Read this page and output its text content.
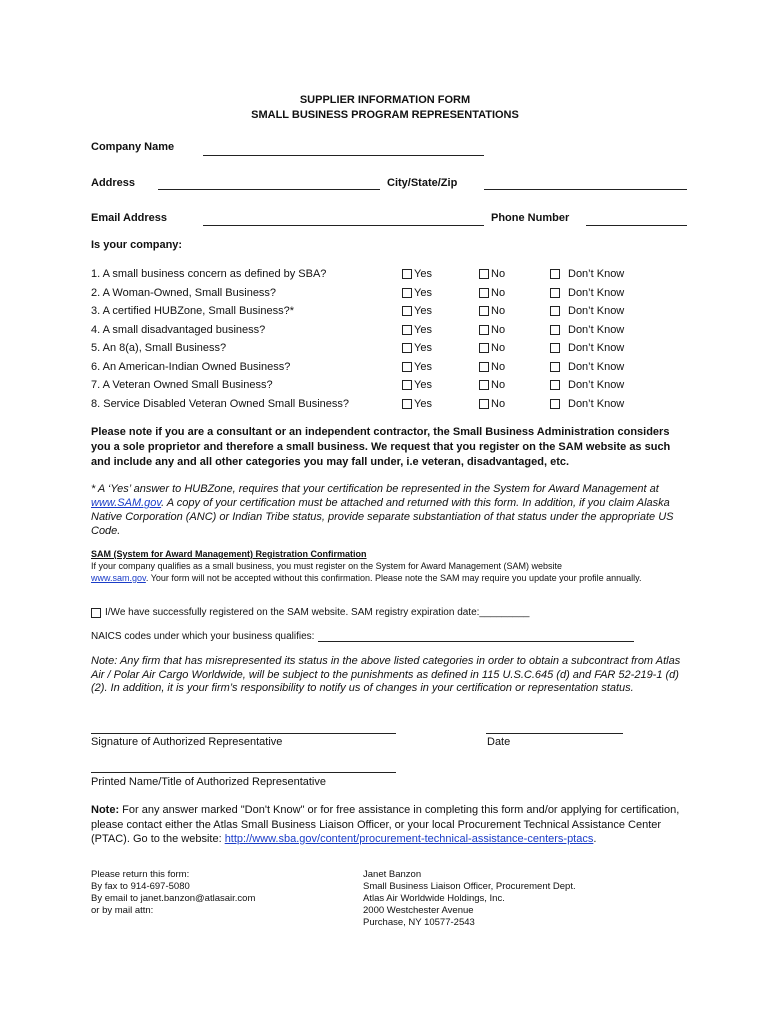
SUPPLIER INFORMATION FORM
SMALL BUSINESS PROGRAM REPRESENTATIONS
Company Name
Address	City/State/Zip
Email Address	Phone Number
Is your company:
1. A small business concern as defined by SBA?	Yes	No	Don’t Know
2. A Woman-Owned, Small Business?	Yes	No	Don’t Know
3. A certified HUBZone, Small Business?*	Yes	No	Don’t Know
4. A small disadvantaged business?	Yes	No	Don’t Know
5. An 8(a), Small Business?	Yes	No	Don’t Know
6. An American-Indian Owned Business?	Yes	No	Don’t Know
7. A Veteran Owned Small Business?	Yes	No	Don’t Know
8. Service Disabled Veteran Owned Small Business?	Yes	No	Don’t Know
Please note if you are a consultant or an independent contractor, the Small Business Administration considers you a sole proprietor and therefore a small business. We request that you register on the SAM website as such and include any and all other categories you may fall under, i.e veteran, disadvantaged, etc.
* A ‘Yes’ answer to HUBZone, requires that your certification be represented in the System for Award Management at www.SAM.gov. A copy of your certification must be attached and returned with this form. In addition, if you claim Alaska Native Corporation (ANC) or Indian Tribe status, provide separate substantiation of that status under the appropriate US Code.
SAM (System for Award Management) Registration Confirmation
If your company qualifies as a small business, you must register on the System for Award Management (SAM) website
www.sam.gov. Your form will not be accepted without this confirmation. Please note the SAM may require you update your profile annually.
I/We have successfully registered on the SAM website. SAM registry expiration date:_________
NAICS codes under which your business qualifies:
Note: Any firm that has misrepresented its status in the above listed categories in order to obtain a subcontract from Atlas Air / Polar Air Cargo Worldwide, will be subject to the punishments as defined in 115 U.S.C.645 (d) and FAR 52-219-1 (d)(2). In addition, it is your firm’s responsibility to notify us of changes in your certification or representation status.
Signature of Authorized Representative	Date
Printed Name/Title of Authorized Representative
Note: For any answer marked "Don't Know" or for free assistance in completing this form and/or applying for certification, please contact either the Atlas Small Business Liaison Officer, or your local Procurement Technical Assistance Center (PTAC). Go to the website: http://www.sba.gov/content/procurement-technical-assistance-centers-ptacs.
Please return this form:
By fax to 914-697-5080
By email to janet.banzon@atlasair.com
or by mail attn:
Janet Banzon
Small Business Liaison Officer, Procurement Dept.
Atlas Air Worldwide Holdings, Inc.
2000 Westchester Avenue
Purchase, NY 10577-2543
